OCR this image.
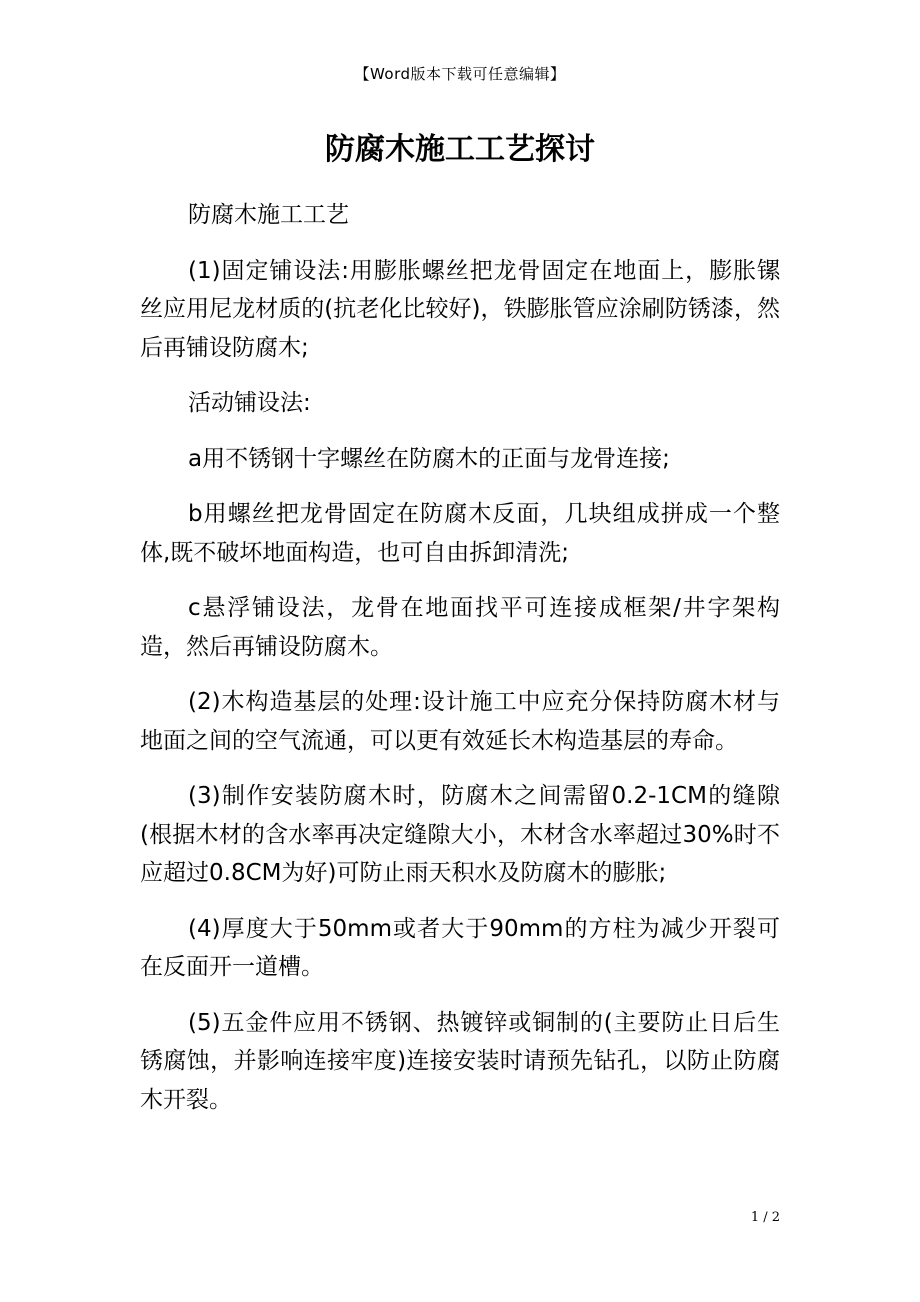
【Word版本下载可任意编辑】
防腐木施工工艺探讨

防腐木施工工艺

(1)固定铺设法:用膨胀螺丝把龙骨固定在地面上，膨胀镙丝应用尼龙材质的(抗老化比较好)，铁膨胀管应涂刷防锈漆，然后再铺设防腐木;

活动铺设法:

a用不锈钢十字螺丝在防腐木的正面与龙骨连接;

b用螺丝把龙骨固定在防腐木反面，几块组成拼成一个整体,既不破坏地面构造，也可自由拆卸清洗;

c悬浮铺设法，龙骨在地面找平可连接成框架/井字架构造，然后再铺设防腐木。

(2)木构造基层的处理:设计施工中应充分保持防腐木材与地面之间的空气流通，可以更有效延长木构造基层的寿命。

(3)制作安装防腐木时，防腐木之间需留0.2-1CM的缝隙(根据木材的含水率再决定缝隙大小，木材含水率超过30%时不应超过0.8CM为好)可防止雨天积水及防腐木的膨胀;

(4)厚度大于50mm或者大于90mm的方柱为减少开裂可在反面开一道槽。

(5)五金件应用不锈钢、热镀锌或铜制的(主要防止日后生锈腐蚀，并影响连接牢度)连接安装时请预先钻孔，以防止防腐木开裂。

1 / 2
